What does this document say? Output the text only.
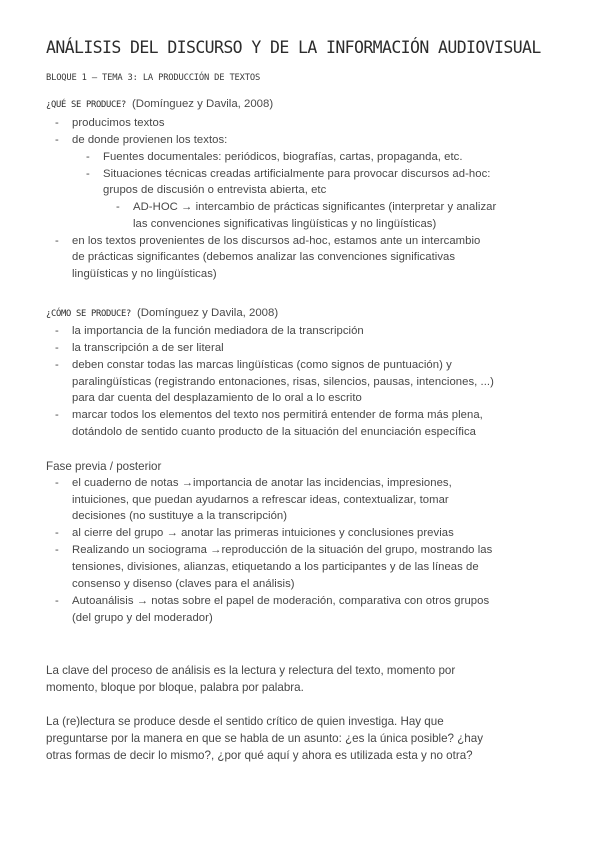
ANÁLISIS DEL DISCURSO Y DE LA INFORMACIÓN AUDIOVISUAL
BLOQUE 1 – TEMA 3: LA PRODUCCIÓN DE TEXTOS
¿QUÉ SE PRODUCE? (Domínguez y Davila, 2008)
- producimos textos
- de donde provienen los textos:
- Fuentes documentales: periódicos, biografías, cartas, propaganda, etc.
- Situaciones técnicas creadas artificialmente para provocar discursos ad-hoc:
grupos de discusión o entrevista abierta, etc
- AD-HOC → intercambio de prácticas significantes (interpretar y analizar
las convenciones significativas lingüísticas y no lingüísticas)
- en los textos provenientes de los discursos ad-hoc, estamos ante un intercambio
de prácticas significantes (debemos analizar las convenciones significativas
lingüísticas y no lingüísticas)
¿CÓMO SE PRODUCE? (Domínguez y Davila, 2008)
- la importancia de la función mediadora de la transcripción
- la transcripción a de ser literal
- deben constar todas las marcas lingüísticas (como signos de puntuación) y
paralingüísticas (registrando entonaciones, risas, silencios, pausas, intenciones, ...)
para dar cuenta del desplazamiento de lo oral a lo escrito
- marcar todos los elementos del texto nos permitirá entender de forma más plena,
dotándolo de sentido cuanto producto de la situación del enunciación específica
Fase previa / posterior
- el cuaderno de notas →importancia de anotar las incidencias, impresiones,
intuiciones, que puedan ayudarnos a refrescar ideas, contextualizar, tomar
decisiones (no sustituye a la transcripción)
- al cierre del grupo → anotar las primeras intuiciones y conclusiones previas
- Realizando un sociograma →reproducción de la situación del grupo, mostrando las
tensiones, divisiones, alianzas, etiquetando a los participantes y de las líneas de
consenso y disenso (claves para el análisis)
- Autoanálisis → notas sobre el papel de moderación, comparativa con otros grupos
(del grupo y del moderador)
La clave del proceso de análisis es la lectura y relectura del texto, momento por
momento, bloque por bloque, palabra por palabra.
La (re)lectura se produce desde el sentido crítico de quien investiga. Hay que
preguntarse por la manera en que se habla de un asunto: ¿es la única posible? ¿hay
otras formas de decir lo mismo?, ¿por qué aquí y ahora es utilizada esta y no otra?
